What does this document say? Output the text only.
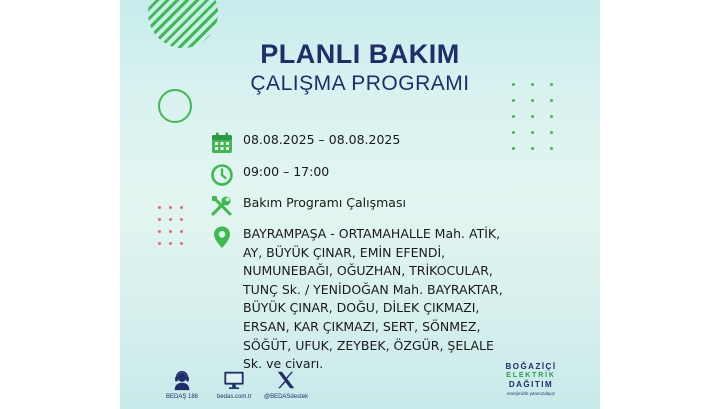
PLANLI BAKIM
ÇALIŞMA PROGRAMI
08.08.2025 – 08.08.2025
09:00 – 17:00
Bakım Programı Çalışması
BAYRAMPAŞA - ORTAMAHALLE Mah. ATİK, AY, BÜYÜK ÇINAR, EMİN EFENDİ, NUMUNEBAĞI, OĞUZHAN, TRİKOCULAR, TUNÇ Sk. / YENİDOĞAN Mah. BAYRAKTAR, BÜYÜK ÇINAR, DOĞU, DİLEK ÇIKMAZI, ERSAN, KAR ÇIKMAZI, SERT, SÖNMEZ, SÖĞÜT, UFUK, ZEYBEK, ÖZGÜR, ŞELALE Sk. ve civarı.
BEDAŞ 186	bedas.com.tr @BEDASdestek
BOĞAZİÇİ
ELEKTRİK
DAĞITIM
enerjimizle yanınızdayız
